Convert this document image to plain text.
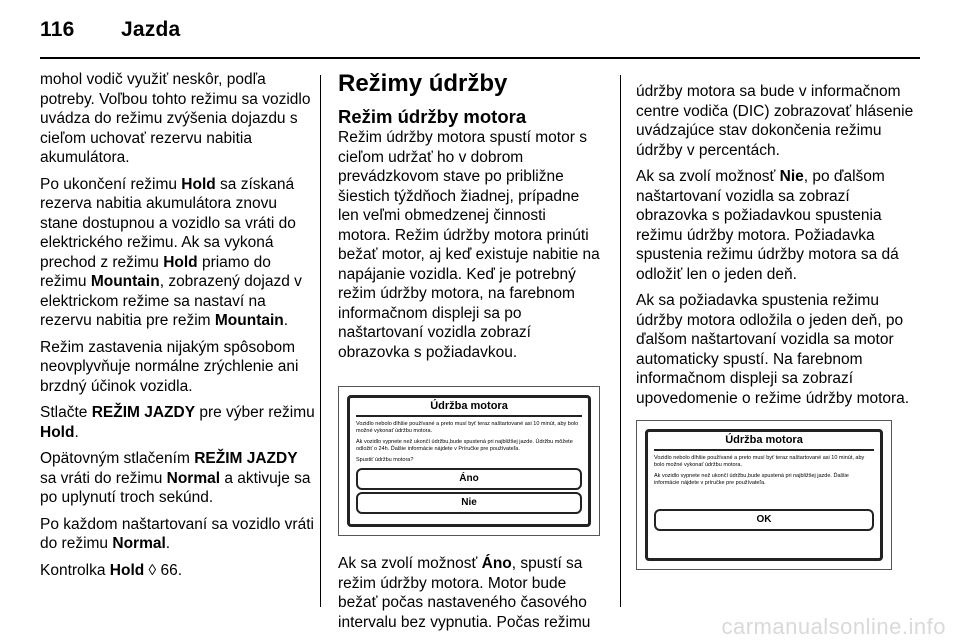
116 Jazda

mohol vodič využiť neskôr, podľa potreby. Voľbou tohto režimu sa vozidlo uvádza do režimu zvýšenia dojazdu s cieľom uchovať rezervu nabitia akumulátora.

Po ukončení režimu Hold sa získaná rezerva nabitia akumulátora znovu stane dostupnou a vozidlo sa vráti do elektrického režimu. Ak sa vykoná prechod z režimu Hold priamo do režimu Mountain, zobrazený dojazd v elektrickom režime sa nastaví na rezervu nabitia pre režim Mountain.

Režim zastavenia nijakým spôsobom neovplyvňuje normálne zrýchlenie ani brzdný účinok vozidla.

Stlačte REŽIM JAZDY pre výber režimu Hold.

Opätovným stlačením REŽIM JAZDY sa vráti do režimu Normal a aktivuje sa po uplynutí troch sekúnd.

Po každom naštartovaní sa vozidlo vráti do režimu Normal.

Kontrolka Hold ◊ 66.

Režimy údržby
Režim údržby motora

Režim údržby motora spustí motor s cieľom udržať ho v dobrom prevádzkovom stave po približne šiestich týždňoch žiadnej, prípadne len veľmi obmedzenej činnosti motora. Režim údržby motora prinúti bežať motor, aj keď existuje nabitie na napájanie vozidla. Keď je potrebný režim údržby motora, na farebnom informačnom displeji sa po naštartovaní vozidla zobrazí obrazovka s požiadavkou.

Údržba motora
Vozidlo nebolo dlhšie používané a preto musí byť teraz naštartované asi 10 minút, aby bolo možné vykonať údržbu motora.
Ak vozidlo vypnete než ukončí údržbu,bude spustená pri najbližšej jazde. Údržbu môžete odložiť o 24h. Ďalšie informácie nájdete v Príručke pre používateľa.
Spustiť údržbu motora?
Áno
Nie

Ak sa zvolí možnosť Áno, spustí sa režim údržby motora. Motor bude bežať počas nastaveného časového intervalu bez vypnutia. Počas režimu

údržby motora sa bude v informačnom centre vodiča (DIC) zobrazovať hlásenie uvádzajúce stav dokončenia režimu údržby v percentách.

Ak sa zvolí možnosť Nie, po ďalšom naštartovaní vozidla sa zobrazí obrazovka s požiadavkou spustenia režimu údržby motora. Požiadavka spustenia režimu údržby motora sa dá odložiť len o jeden deň.

Ak sa požiadavka spustenia režimu údržby motora odložila o jeden deň, po ďalšom naštartovaní vozidla sa motor automaticky spustí. Na farebnom informačnom displeji sa zobrazí upovedomenie o režime údržby motora.

Údržba motora
Vozidlo nebolo dlhšie používané a preto musí byť teraz naštartované asi 10 minút, aby bolo možné vykonať údržbu motora.
Ak vozidlo vypnete než ukončí údržbu,bude spustená pri najbližšej jazde. Ďalšie informácie nájdete v príručke pre používateľa.
OK
carmanualsonline.info
